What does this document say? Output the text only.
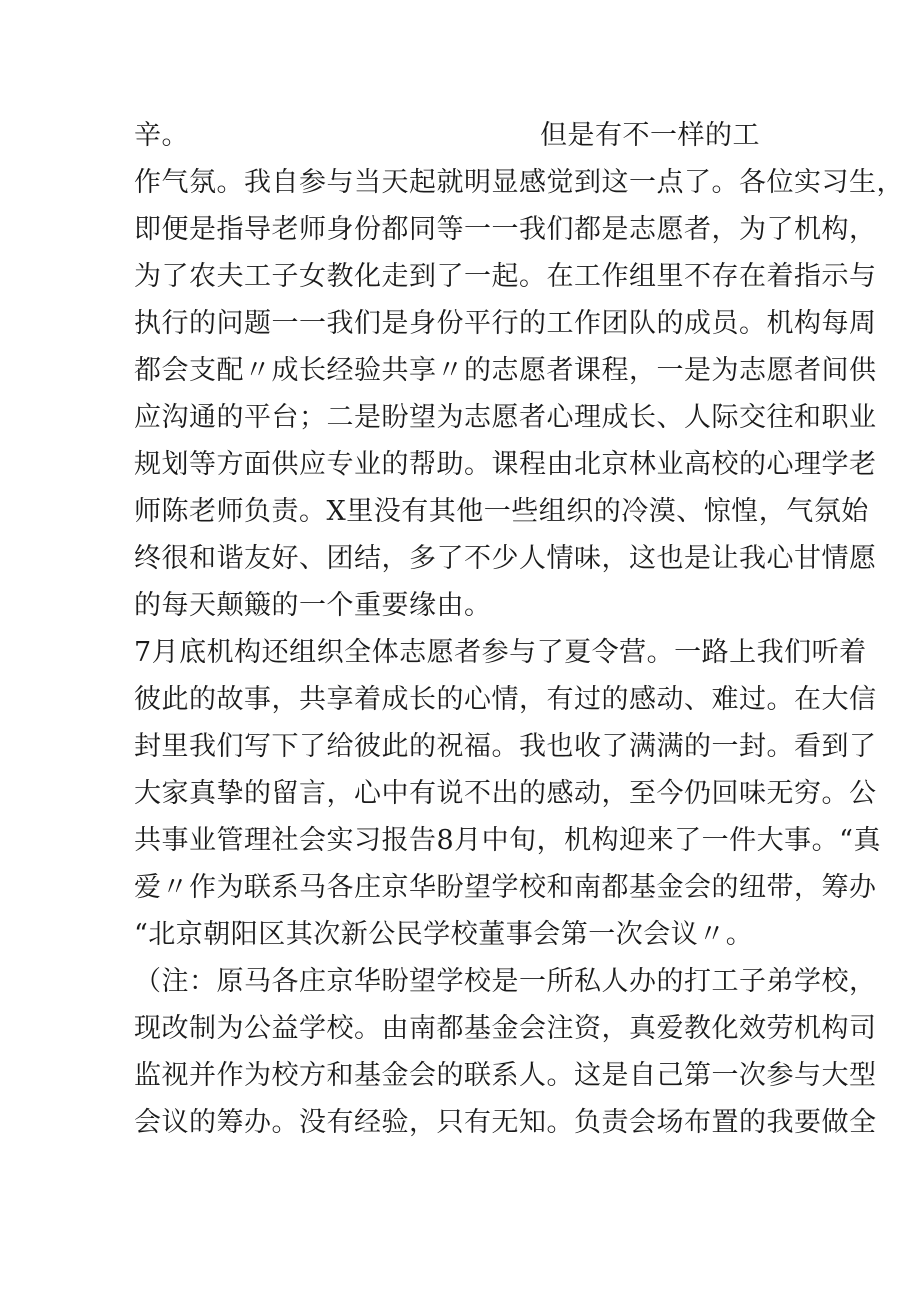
辛。	但是有不一样的工
作气氛。我自参与当天起就明显感觉到这一点了。各位实习生，
即便是指导老师身份都同等一一我们都是志愿者，为了机构，
为了农夫工子女教化走到了一起。在工作组里不存在着指示与
执行的问题一一我们是身份平行的工作团队的成员。机构每周
都会支配〃成长经验共享〃的志愿者课程，一是为志愿者间供
应沟通的平台；二是盼望为志愿者心理成长、人际交往和职业
规划等方面供应专业的帮助。课程由北京林业高校的心理学老
师陈老师负责。X里没有其他一些组织的冷漠、惊惶，气氛始
终很和谐友好、团结，多了不少人情味，这也是让我心甘情愿
的每天颠簸的一个重要缘由。
7月底机构还组织全体志愿者参与了夏令营。一路上我们听着
彼此的故事，共享着成长的心情，有过的感动、难过。在大信
封里我们写下了给彼此的祝福。我也收了满满的一封。看到了
大家真挚的留言，心中有说不出的感动，至今仍回味无穷。公
共事业管理社会实习报告8月中旬，机构迎来了一件大事。“真
爱〃作为联系马各庄京华盼望学校和南都基金会的纽带，筹办
“北京朝阳区其次新公民学校董事会第一次会议〃。
（注：原马各庄京华盼望学校是一所私人办的打工子弟学校，
现改制为公益学校。由南都基金会注资，真爱教化效劳机构司
监视并作为校方和基金会的联系人。这是自己第一次参与大型
会议的筹办。没有经验，只有无知。负责会场布置的我要做全
